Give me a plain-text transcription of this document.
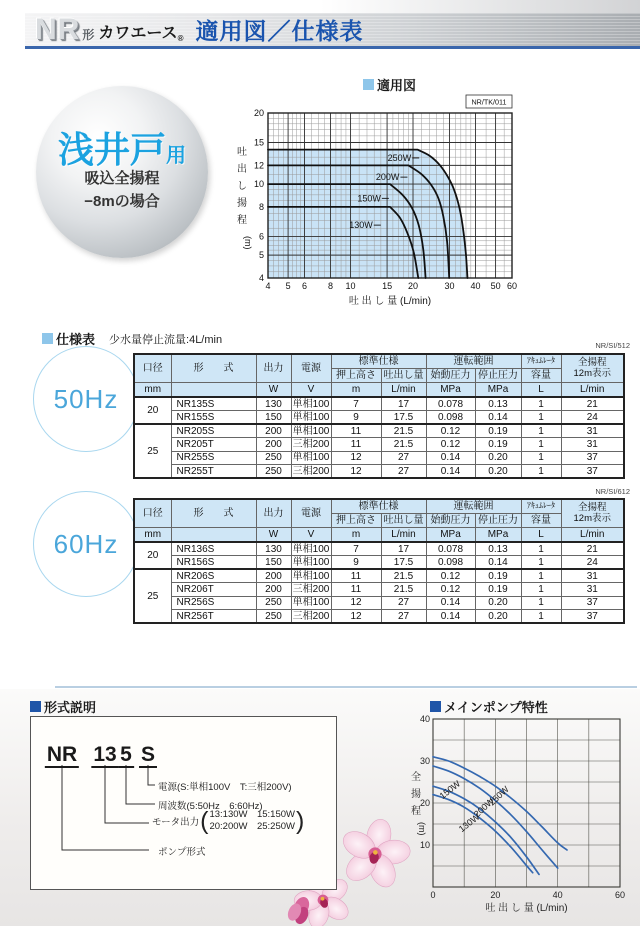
NR 形 カワエース® 適用図／仕様表
浅井戸用
吸込全揚程
−8mの場合
適用図
250W
200W
150W
130W
4 5 6 8 10	15 20	30 40 50 60
4
5
6
8
10
12
15
20
吐
出
し
揚
程
(m)
吐 出 し 量 (L/min)
NR/TK/011
仕様表 少水量停止流量:4L/min	NR/SI/512
50Hz
口径	形　　式	出力	電源	標準仕様		運転範囲		ｱｷｭﾑﾚｰﾀ	全揚程
12m表示

				押上高さ	吐出し量	始動圧力	停止圧力	容量	
mm		W	V	m	L/min	MPa	MPa	L	L/min
20	NR135S	130	単相100	7	17	0.078	0.13	1	21
	NR155S	150	単相100	9	17.5	0.098	0.14	1	24
25	NR205S	200	単相100	11	21.5	0.12	0.19	1	31
	NR205T	200	三相200	11	21.5	0.12	0.19	1	31
	NR255S	250	単相100	12	27	0.14	0.20	1	37
	NR255T	250	三相200	12	27	0.14	0.20	1	37
NR/SI/612
60Hz
口径	形　　式	出力	電源	標準仕様		運転範囲		ｱｷｭﾑﾚｰﾀ	全揚程
12m表示

				押上高さ	吐出し量	始動圧力	停止圧力	容量	
mm		W	V	m	L/min	MPa	MPa	L	L/min
20	NR136S	130	単相100	7	17	0.078	0.13	1	21
	NR156S	150	単相100	9	17.5	0.098	0.14	1	24
25	NR206S	200	単相100	11	21.5	0.12	0.19	1	31
	NR206T	200	三相200	11	21.5	0.12	0.19	1	31
	NR256S	250	単相100	12	27	0.14	0.20	1	37
	NR256T	250	三相200	12	27	0.14	0.20	1	37
形式説明
NR 13 5 S
電源(S:単相100V　T:三相200V)
周波数(5:50Hz　6:60Hz)
モータ出力 ( 13:130W　15:150W
20:200W　25:250W )
ポンプ形式
メインポンプ特性
150W	250W
200W
130W
10
20
30
40
0	20	40	60
全
揚
程
(m)
吐 出 し 量 (L/min)
